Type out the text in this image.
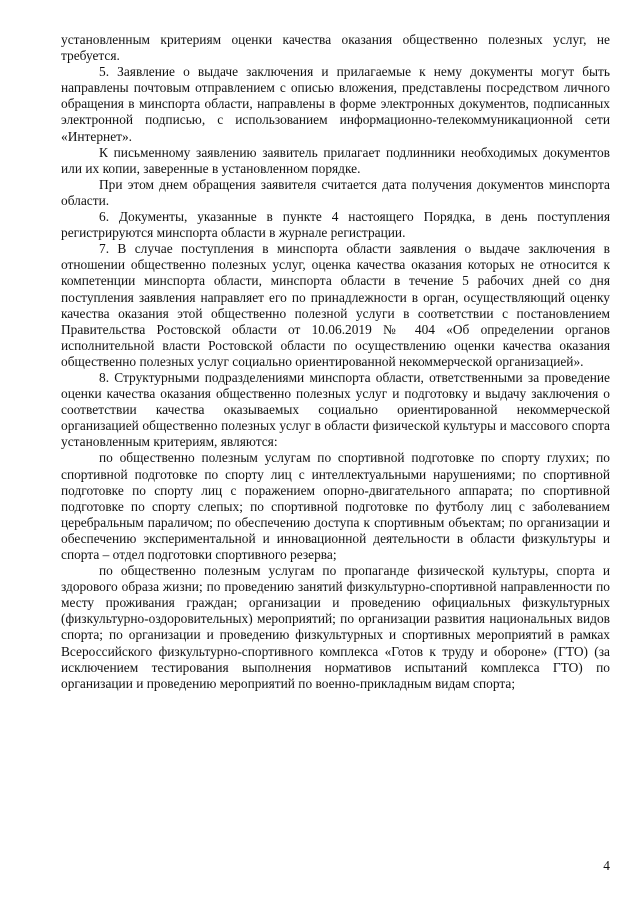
установленным критериям оценки качества оказания общественно полезных услуг, не требуется.

5. Заявление о выдаче заключения и прилагаемые к нему документы могут быть направлены почтовым отправлением с описью вложения, представлены посредством личного обращения в минспорта области, направлены в форме электронных документов, подписанных электронной подписью, с использованием информационно-телекоммуникационной сети «Интернет».

К письменному заявлению заявитель прилагает подлинники необходимых документов или их копии, заверенные в установленном порядке.

При этом днем обращения заявителя считается дата получения документов минспорта области.

6. Документы, указанные в пункте 4 настоящего Порядка, в день поступления регистрируются минспорта области в журнале регистрации.

7. В случае поступления в минспорта области заявления о выдаче заключения в отношении общественно полезных услуг, оценка качества оказания которых не относится к компетенции минспорта области, минспорта области в течение 5 рабочих дней со дня поступления заявления направляет его по принадлежности в орган, осуществляющий оценку качества оказания этой общественно полезной услуги в соответствии с постановлением Правительства Ростовской области от 10.06.2019 № 404 «Об определении органов исполнительной власти Ростовской области по осуществлению оценки качества оказания общественно полезных услуг социально ориентированной некоммерческой организацией».

8. Структурными подразделениями минспорта области, ответственными за проведение оценки качества оказания общественно полезных услуг и подготовку и выдачу заключения о соответствии качества оказываемых социально ориентированной некоммерческой организацией общественно полезных услуг в области физической культуры и массового спорта установленным критериям, являются:

по общественно полезным услугам по спортивной подготовке по спорту глухих; по спортивной подготовке по спорту лиц с интеллектуальными нарушениями; по спортивной подготовке по спорту лиц с поражением опорно-двигательного аппарата; по спортивной подготовке по спорту слепых; по спортивной подготовке по футболу лиц с заболеванием церебральным параличом; по обеспечению доступа к спортивным объектам; по организации и обеспечению экспериментальной и инновационной деятельности в области физкультуры и спорта – отдел подготовки спортивного резерва;

по общественно полезным услугам по пропаганде физической культуры, спорта и здорового образа жизни; по проведению занятий физкультурно-спортивной направленности по месту проживания граждан; организации и проведению официальных физкультурных (физкультурно-оздоровительных) мероприятий; по организации развития национальных видов спорта; по организации и проведению физкультурных и спортивных мероприятий в рамках Всероссийского физкультурно-спортивного комплекса «Готов к труду и обороне» (ГТО) (за исключением тестирования выполнения нормативов испытаний комплекса ГТО) по организации и проведению мероприятий по военно-прикладным видам спорта;

4
